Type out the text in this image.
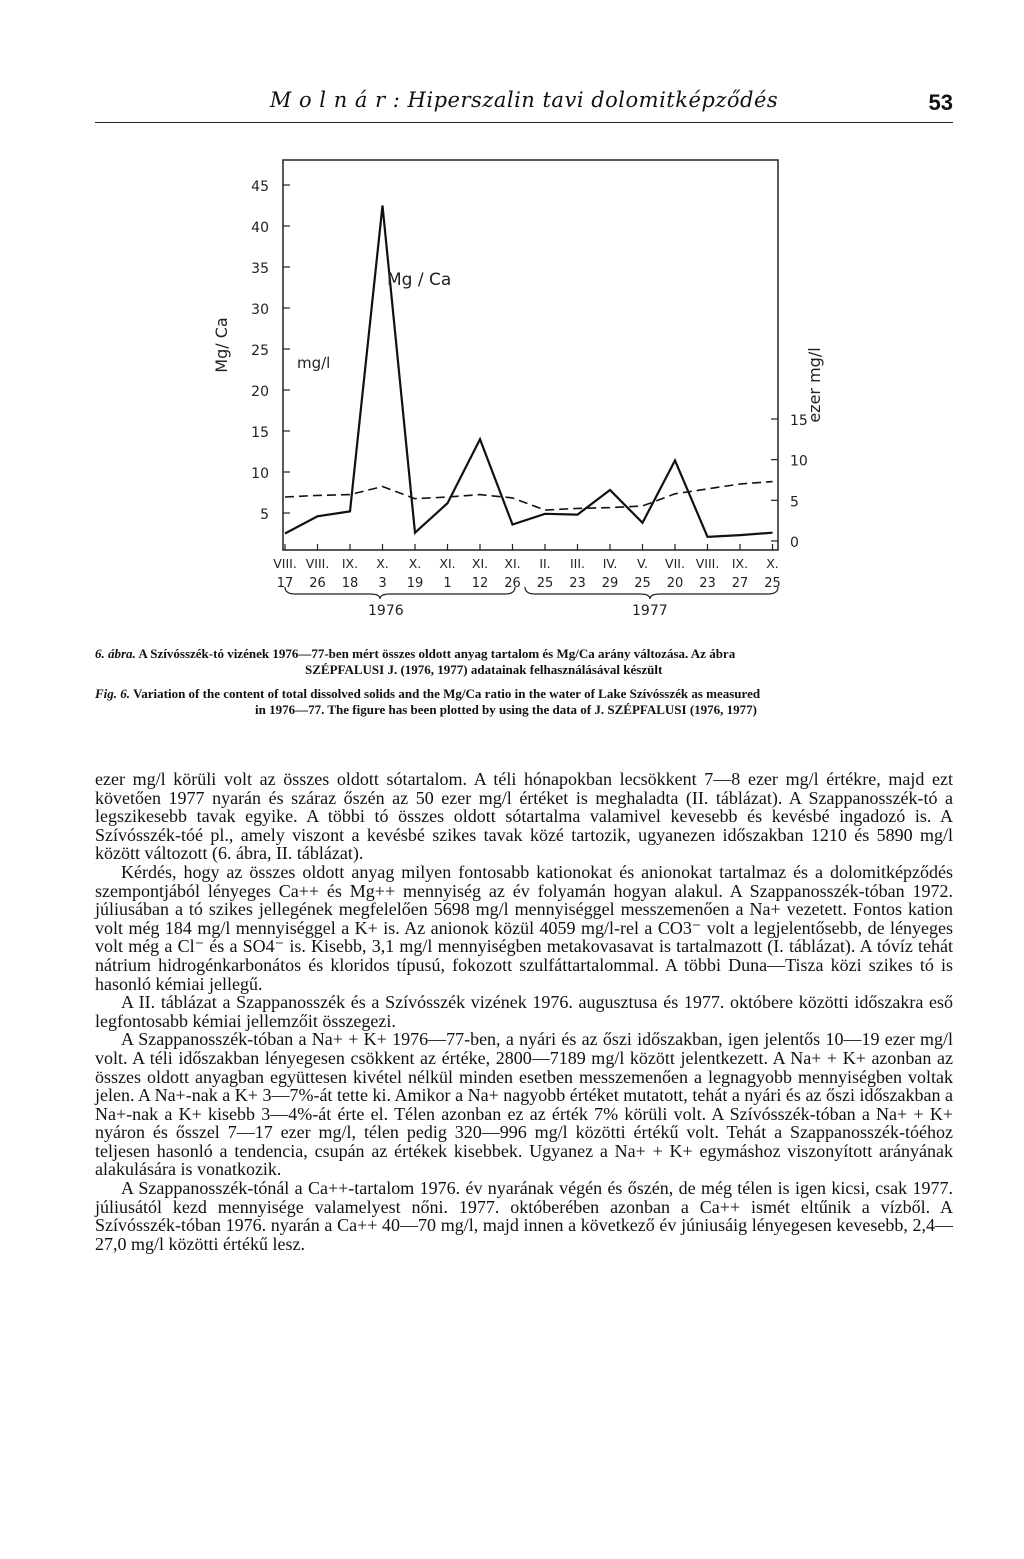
M o l n á r : Hiperszalin tavi dolomitképződés	53
45
40
35
30
25
20
15
10
5
15
10
5
0
VIII.
17
VIII.
26
IX.
18
X.
3
X.
19
XI.
1
XI.
12
XI.
26
II.
25
III.
23
IV.
29
V.
25
VII.
20
VIII.
23
IX.
27
X.
25
Mg / Ca
mg/l
Mg/ Ca
ezer mg/l
1976	1977
6. ábra. A Szívósszék-tó vizének 1976—77-ben mért összes oldott anyag tartalom és Mg/Ca arány változása. Az ábra
SZÉPFALUSI J. (1976, 1977) adatainak felhasználásával készült
Fig. 6. Variation of the content of total dissolved solids and the Mg/Ca ratio in the water of Lake Szívósszék as measured
in 1976—77. The figure has been plotted by using the data of J. SZÉPFALUSI (1976, 1977)

ezer mg/l körüli volt az összes oldott sótartalom. A téli hónapokban lecsökkent 7—8 ezer mg/l értékre, majd ezt követően 1977 nyarán és száraz őszén az 50 ezer mg/l értéket is meghaladta (II. táblázat). A Szappanosszék-tó a legszikesebb tavak egyike. A többi tó összes oldott sótartalma valamivel kevesebb és kevésbé ingadozó is. A Szívósszék-tóé pl., amely viszont a kevésbé szikes tavak közé tartozik, ugyanezen időszakban 1210 és 5890 mg/l között változott (6. ábra, II. táblázat).

Kérdés, hogy az összes oldott anyag milyen fontosabb kationokat és anionokat tartalmaz és a dolomitképződés szempontjából lényeges Ca++ és Mg++ mennyiség az év folyamán hogyan alakul. A Szappanosszék-tóban 1972. júliusában a tó szikes jellegének megfelelően 5698 mg/l mennyiséggel messzemenően a Na+ vezetett. Fontos kation volt még 184 mg/l mennyiséggel a K+ is. Az anionok közül 4059 mg/l-rel a CO3⁻ volt a legjelentősebb, de lényeges volt még a Cl⁻ és a SO4⁻ is. Kisebb, 3,1 mg/l mennyiségben metakovasavat is tartalmazott (I. táblázat). A tóvíz tehát nátrium hidrogénkarbonátos és kloridos típusú, fokozott szulfáttartalommal. A többi Duna—Tisza közi szikes tó is hasonló kémiai jellegű.

A II. táblázat a Szappanosszék és a Szívósszék vizének 1976. augusztusa és 1977. októbere közötti időszakra eső legfontosabb kémiai jellemzőit összegezi.

A Szappanosszék-tóban a Na+ + K+ 1976—77-ben, a nyári és az őszi időszakban, igen jelentős 10—19 ezer mg/l volt. A téli időszakban lényegesen csökkent az értéke, 2800—7189 mg/l között jelentkezett. A Na+ + K+ azonban az összes oldott anyagban együttesen kivétel nélkül minden esetben messzemenően a legnagyobb mennyiségben voltak jelen. A Na+-nak a K+ 3—7%-át tette ki. Amikor a Na+ nagyobb értéket mutatott, tehát a nyári és az őszi időszakban a Na+-nak a K+ kisebb 3—4%-át érte el. Télen azonban ez az érték 7% körüli volt. A Szívósszék-tóban a Na+ + K+ nyáron és ősszel 7—17 ezer mg/l, télen pedig 320—996 mg/l közötti értékű volt. Tehát a Szappanosszék-tóéhoz teljesen hasonló a tendencia, csupán az értékek kisebbek. Ugyanez a Na+ + K+ egymáshoz viszonyított arányának alakulására is vonatkozik.

A Szappanosszék-tónál a Ca++-tartalom 1976. év nyarának végén és őszén, de még télen is igen kicsi, csak 1977. júliusától kezd mennyisége valamelyest nőni. 1977. októberében azonban a Ca++ ismét eltűnik a vízből. A Szívósszék-tóban 1976. nyarán a Ca++ 40—70 mg/l, majd innen a következő év júniusáig lényegesen kevesebb, 2,4—27,0 mg/l közötti értékű lesz.
